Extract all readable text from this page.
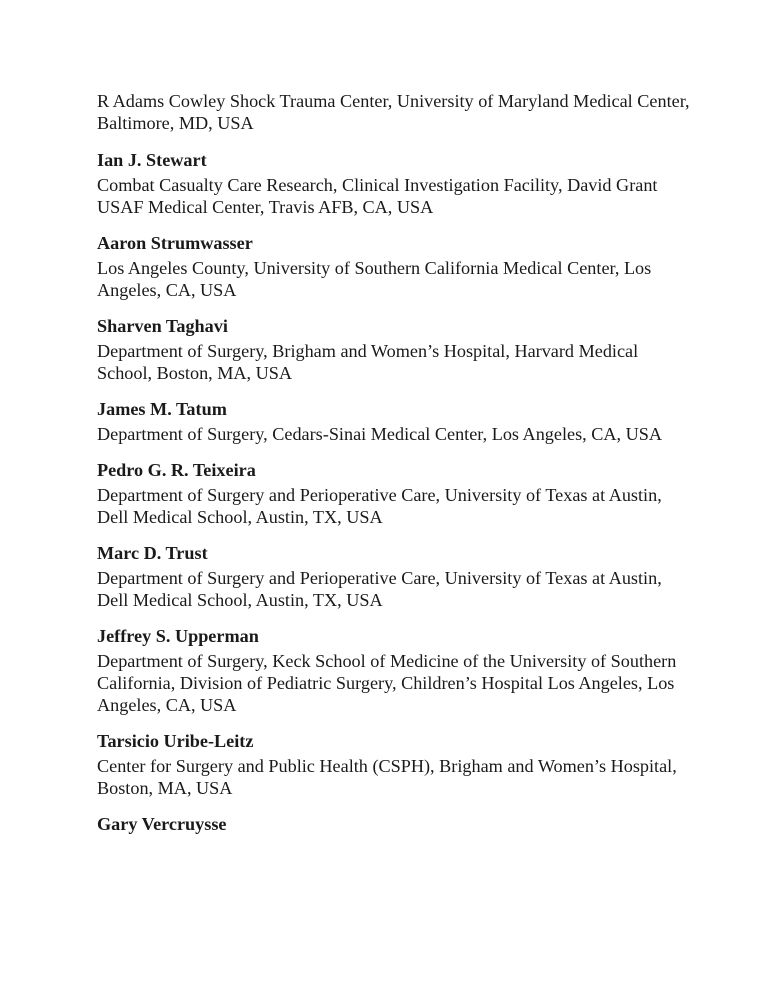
R Adams Cowley Shock Trauma Center, University of Maryland Medical Center, Baltimore, MD, USA

Ian J. Stewart

Combat Casualty Care Research, Clinical Investigation Facility, David Grant USAF Medical Center, Travis AFB, CA, USA

Aaron Strumwasser

Los Angeles County, University of Southern California Medical Center, Los Angeles, CA, USA

Sharven Taghavi

Department of Surgery, Brigham and Women’s Hospital, Harvard Medical School, Boston, MA, USA

James M. Tatum

Department of Surgery, Cedars-Sinai Medical Center, Los Angeles, CA, USA

Pedro G. R. Teixeira

Department of Surgery and Perioperative Care, University of Texas at Austin, Dell Medical School, Austin, TX, USA

Marc D. Trust

Department of Surgery and Perioperative Care, University of Texas at Austin, Dell Medical School, Austin, TX, USA

Jeffrey S. Upperman

Department of Surgery, Keck School of Medicine of the University of Southern California, Division of Pediatric Surgery, Children’s Hospital Los Angeles, Los Angeles, CA, USA

Tarsicio Uribe-Leitz

Center for Surgery and Public Health (CSPH), Brigham and Women’s Hospital, Boston, MA, USA

Gary Vercruysse
